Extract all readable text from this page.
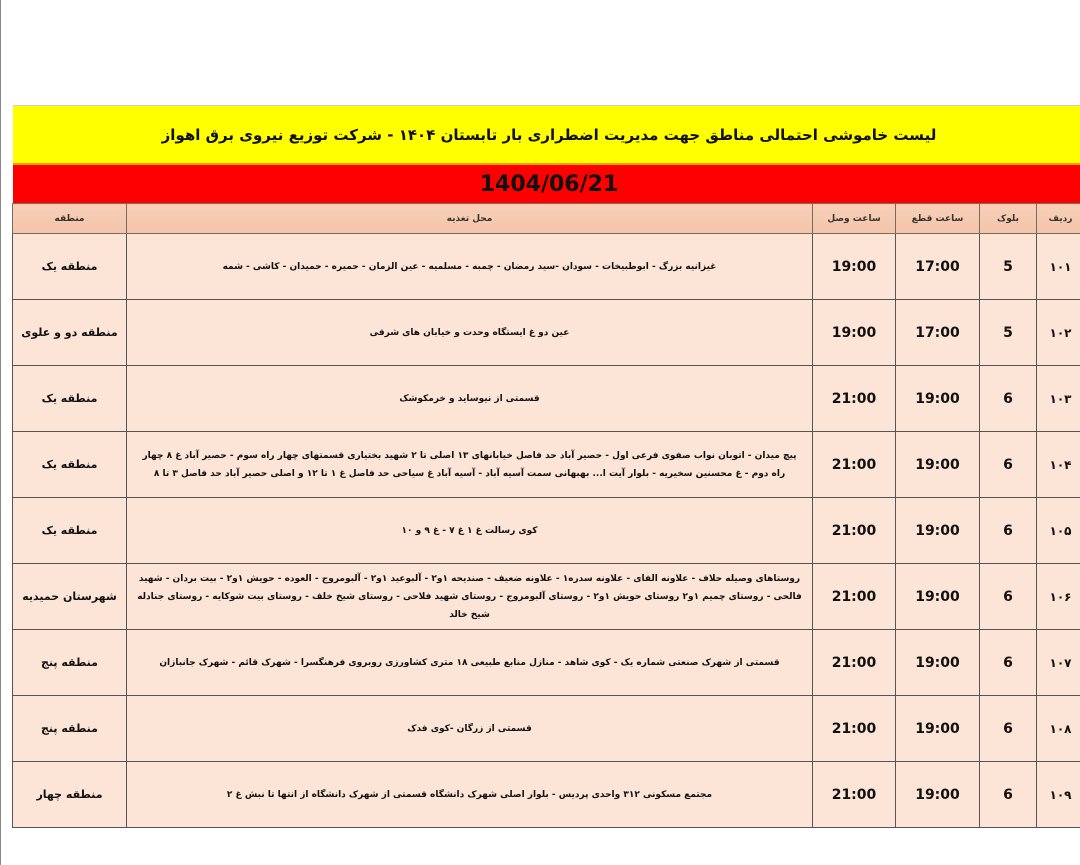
لیست خاموشی احتمالی مناطق جهت مدیریت اضطراری بار تابستان ۱۴۰۴ - شرکت توزیع نیروی برق اهواز
1404/06/21
ردیف	بلوک	ساعت قطع	ساعت وصل	محل تغذیه	منطقه
۱۰۱	5	17:00	19:00	غیزانیه بزرگ - ابوطبیخات - سودان -سید رمضان - چمبه - مسلمیه - عین الزمان - حمیره - حمیدان - کاشی - شمه	منطقه یک
۱۰۲	5	17:00	19:00	عین دو غ ایستگاه وحدت و خیابان های شرقی	منطقه دو و علوی
۱۰۳	6	19:00	21:00	قسمتی از نیوساید و خرمکوشک	منطقه یک
۱۰۴	6	19:00	21:00	پیچ میدان - اتوبان نواب صفوی فرعی اول - حصیر آباد حد فاصل خیابانهای ۱۳ اصلی تا ۲ شهید بختیاری قسمتهای چهار راه سوم - حصیر آباد غ ۸ چهار راه دوم - غ محسنین سخیریه - بلوار آیت ا... بهبهانی سمت آسیه آباد - آسیه آباد غ سیاحی حد فاصل غ ۱ تا ۱۲ و اصلی حصیر آباد حد فاصل ۳ تا ۸	منطقه یک
۱۰۵	6	19:00	21:00	کوی رسالت غ ۱ غ ۷ - غ ۹ و ۱۰	منطقه یک
۱۰۶	6	19:00	21:00	روستاهای وصیله حلاف - علاونه الفای - علاونه سدره۱ - علاونه ضعیف - صندیحه ۱و۲ - آلبوعید ۱و۲ - آلبومروج - العوده - حویش ۱و۲ - بیت بردان - شهید فالحی - روستای چمیم ۱و۲ روستای حویش ۱و۲ - روستای آلبومروج - روستای شهید فلاحی - روستای شیخ خلف - روستای بیت شوکایه - روستای جنادله شیخ خالد	شهرستان حمیدیه
۱۰۷	6	19:00	21:00	قسمتی از شهرک صنعتی شماره یک - کوی شاهد - منازل منابع طبیعی ۱۸ متری کشاورزی روبروی فرهنگسرا - شهرک قائم - شهرک جانبازان	منطقه پنج
۱۰۸	6	19:00	21:00	قسمتی از زرگان -کوی فدک	منطقه پنج
۱۰۹	6	19:00	21:00	مجتمع مسکونی ۳۱۲ واحدی پردیس - بلوار اصلی شهرک دانشگاه قسمتی از شهرک دانشگاه از انتها تا نبش غ ۲	منطقه چهار
